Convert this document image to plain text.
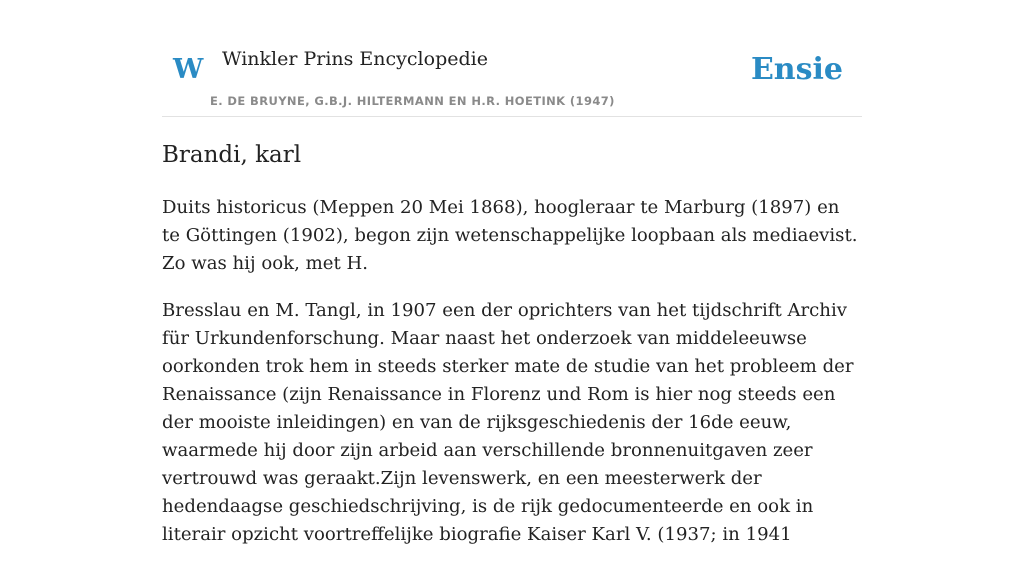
W Winkler Prins Encyclopedie
E. DE BRUYNE, G.B.J. HILTERMANN EN H.R. HOETINK (1947)
Ensie
Brandi, karl

Duits historicus (Meppen 20 Mei 1868), hoogleraar te Marburg (1897) en te Göttingen (1902), begon zijn wetenschappelijke loopbaan als mediaevist. Zo was hij ook, met H.

Bresslau en M. Tangl, in 1907 een der oprichters van het tijdschrift Archiv für Urkundenforschung. Maar naast het onderzoek van middeleeuwse oorkonden trok hem in steeds sterker mate de studie van het probleem der Renaissance (zijn Renaissance in Florenz und Rom is hier nog steeds een der mooiste inleidingen) en van de rijksgeschiedenis der 16de eeuw, waarmede hij door zijn arbeid aan verschillende bronnenuitgaven zeer vertrouwd was geraakt.Zijn levenswerk, en een meesterwerk der hedendaagse geschiedschrijving, is de rijk gedocumenteerde en ook in literair opzicht voortreffelijke biografie Kaiser Karl V. (1937; in 1941
